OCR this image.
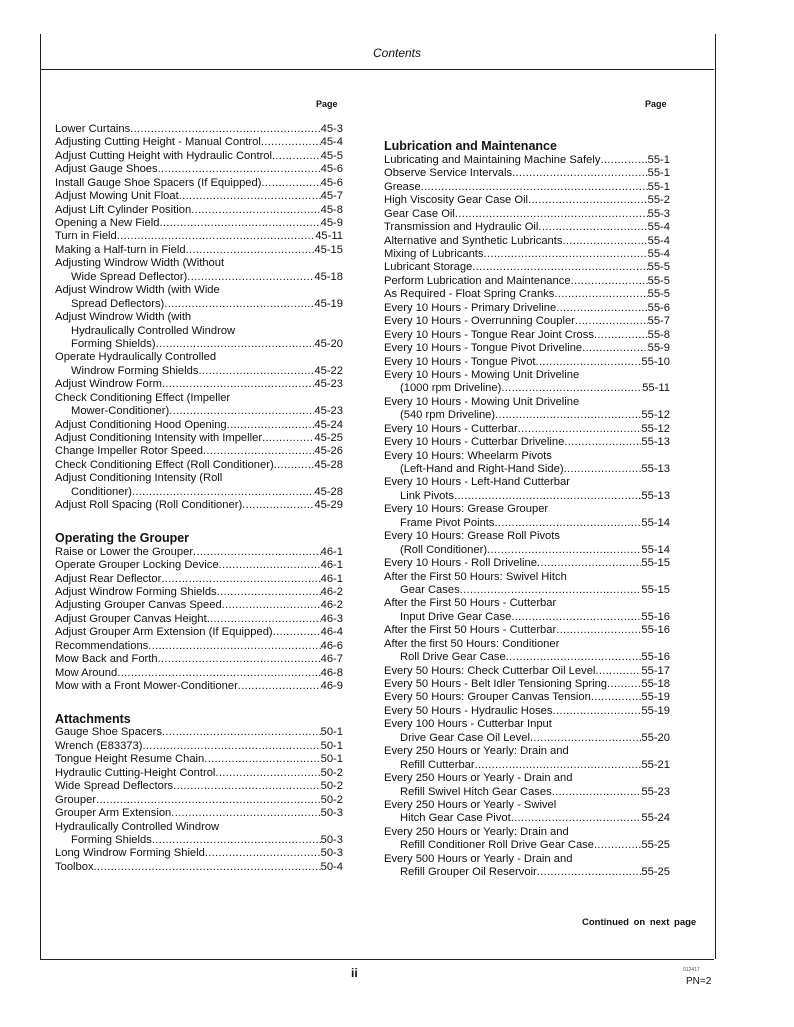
Contents
Page	Page
Lower Curtains .....	45-3
Adjusting Cutting Height - Manual Control .....	45-4
Adjust Cutting Height with Hydraulic Control .....	45-5
Adjust Gauge Shoes .....	45-6
Install Gauge Shoe Spacers (If Equipped) .....	45-6
Adjust Mowing Unit Float .....	45-7
Adjust Lift Cylinder Position .....	45-8
Opening a New Field .....	45-9
Turn in Field .....	45-11
Making a Half-turn in Field .....	45-15
Adjusting Windrow Width (Without
Wide Spread Deflector) .....	45-18
Adjust Windrow Width (with Wide
Spread Deflectors) .....	45-19
Adjust Windrow Width (with
Hydraulically Controlled Windrow
Forming Shields) .....	45-20
Operate Hydraulically Controlled
Windrow Forming Shields .....	45-22
Adjust Windrow Form .....	45-23
Check Conditioning Effect (Impeller
Mower-Conditioner) .....	45-23
Adjust Conditioning Hood Opening .....	45-24
Adjust Conditioning Intensity with Impeller .....	45-25
Change Impeller Rotor Speed .....	45-26
Check Conditioning Effect (Roll Conditioner) .....	45-28
Adjust Conditioning Intensity (Roll
Conditioner) .....	45-28
Adjust Roll Spacing (Roll Conditioner) .....	45-29
Operating the Grouper
Raise or Lower the Grouper .....	46-1
Operate Grouper Locking Device .....	46-1
Adjust Rear Deflector .....	46-1
Adjust Windrow Forming Shields .....	46-2
Adjusting Grouper Canvas Speed .....	46-2
Adjust Grouper Canvas Height .....	46-3
Adjust Grouper Arm Extension (If Equipped) .....	46-4
Recommendations .....	46-6
Mow Back and Forth .....	46-7
Mow Around .....	46-8
Mow with a Front Mower-Conditioner .....	46-9
Attachments
Gauge Shoe Spacers .....	50-1
Wrench (E83373) .....	50-1
Tongue Height Resume Chain .....	50-1
Hydraulic Cutting-Height Control .....	50-2
Wide Spread Deflectors .....	50-2
Grouper .....	50-2
Grouper Arm Extension .....	50-3
Hydraulically Controlled Windrow
Forming Shields .....	50-3
Long Windrow Forming Shield .....	50-3
Toolbox .....	50-4
Lubrication and Maintenance
Lubricating and Maintaining Machine Safely .....	55-1
Observe Service Intervals .....	55-1
Grease .....	55-1
High Viscosity Gear Case Oil .....	55-2
Gear Case Oil .....	55-3
Transmission and Hydraulic Oil .....	55-4
Alternative and Synthetic Lubricants .....	55-4
Mixing of Lubricants .....	55-4
Lubricant Storage .....	55-5
Perform Lubrication and Maintenance .....	55-5
As Required - Float Spring Cranks .....	55-5
Every 10 Hours - Primary Driveline .....	55-6
Every 10 Hours - Overrunning Coupler .....	55-7
Every 10 Hours - Tongue Rear Joint Cross .....	55-8
Every 10 Hours - Tongue Pivot Driveline .....	55-9
Every 10 Hours - Tongue Pivot .....	55-10
Every 10 Hours - Mowing Unit Driveline
(1000 rpm Driveline) .....	55-11
Every 10 Hours - Mowing Unit Driveline
(540 rpm Driveline) .....	55-12
Every 10 Hours - Cutterbar .....	55-12
Every 10 Hours - Cutterbar Driveline .....	55-13
Every 10 Hours: Wheelarm Pivots
(Left-Hand and Right-Hand Side) .....	55-13
Every 10 Hours - Left-Hand Cutterbar
Link Pivots .....	55-13
Every 10 Hours: Grease Grouper
Frame Pivot Points .....	55-14
Every 10 Hours: Grease Roll Pivots
(Roll Conditioner) .....	55-14
Every 10 Hours - Roll Driveline .....	55-15
After the First 50 Hours: Swivel Hitch
Gear Cases .....	55-15
After the First 50 Hours - Cutterbar
Input Drive Gear Case .....	55-16
After the First 50 Hours - Cutterbar .....	55-16
After the first 50 Hours: Conditioner
Roll Drive Gear Case .....	55-16
Every 50 Hours: Check Cutterbar Oil Level .....	55-17
Every 50 Hours - Belt Idler Tensioning Spring .....	55-18
Every 50 Hours: Grouper Canvas Tension .....	55-19
Every 50 Hours - Hydraulic Hoses .....	55-19
Every 100 Hours - Cutterbar Input
Drive Gear Case Oil Level .....	55-20
Every 250 Hours or Yearly: Drain and
Refill Cutterbar .....	55-21
Every 250 Hours or Yearly - Drain and
Refill Swivel Hitch Gear Cases .....	55-23
Every 250 Hours or Yearly - Swivel
Hitch Gear Case Pivot .....	55-24
Every 250 Hours or Yearly: Drain and
Refill Conditioner Roll Drive Gear Case .....	55-25
Every 500 Hours or Yearly - Drain and
Refill Grouper Oil Reservoir .....	55-25
Continued on next page
ii	012417
PN=2
